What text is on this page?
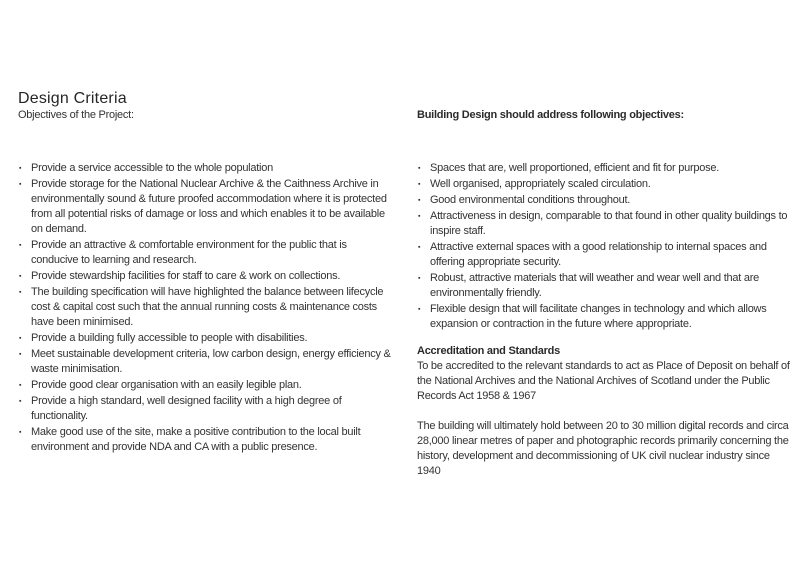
Design Criteria
Objectives of the Project:
▪ Provide a service accessible to the whole population
▪ Provide storage for the National Nuclear Archive & the Caithness Archive in environmentally sound & future proofed accommodation where it is protected from all potential risks of damage or loss and which enables it to be available on demand.
▪ Provide an attractive & comfortable environment for the public that is conducive to learning and research.
▪ Provide stewardship facilities for staff to care & work on collections.
▪ The building specification will have highlighted the balance between lifecycle cost & capital cost such that the annual running costs & maintenance costs have been minimised.
▪ Provide a building fully accessible to people with disabilities.
▪ Meet sustainable development criteria, low carbon design, energy efficiency & waste minimisation.
▪ Provide good clear organisation with an easily legible plan.
▪ Provide a high standard, well designed facility with a high degree of functionality.
▪ Make good use of the site, make a positive contribution to the local built environment and provide NDA and CA with a public presence.
Building Design should address following objectives:
▪ Spaces that are, well proportioned, efficient and fit for purpose.
▪ Well organised, appropriately scaled circulation.
▪ Good environmental conditions throughout.
▪ Attractiveness in design, comparable to that found in other quality buildings to inspire staff.
▪ Attractive external spaces with a good relationship to internal spaces and offering appropriate security.
▪ Robust, attractive materials that will weather and wear well and that are environmentally friendly.
▪ Flexible design that will facilitate changes in technology and which allows expansion or contraction in the future where appropriate.
Accreditation and Standards

To be accredited to the relevant standards to act as Place of Deposit on behalf of the National Archives and the National Archives of Scotland under the Public Records Act 1958 & 1967

The building will ultimately hold between 20 to 30 million digital records and circa 28,000 linear metres of paper and photographic records primarily concerning the history, development and decommissioning of UK civil nuclear industry since 1940
